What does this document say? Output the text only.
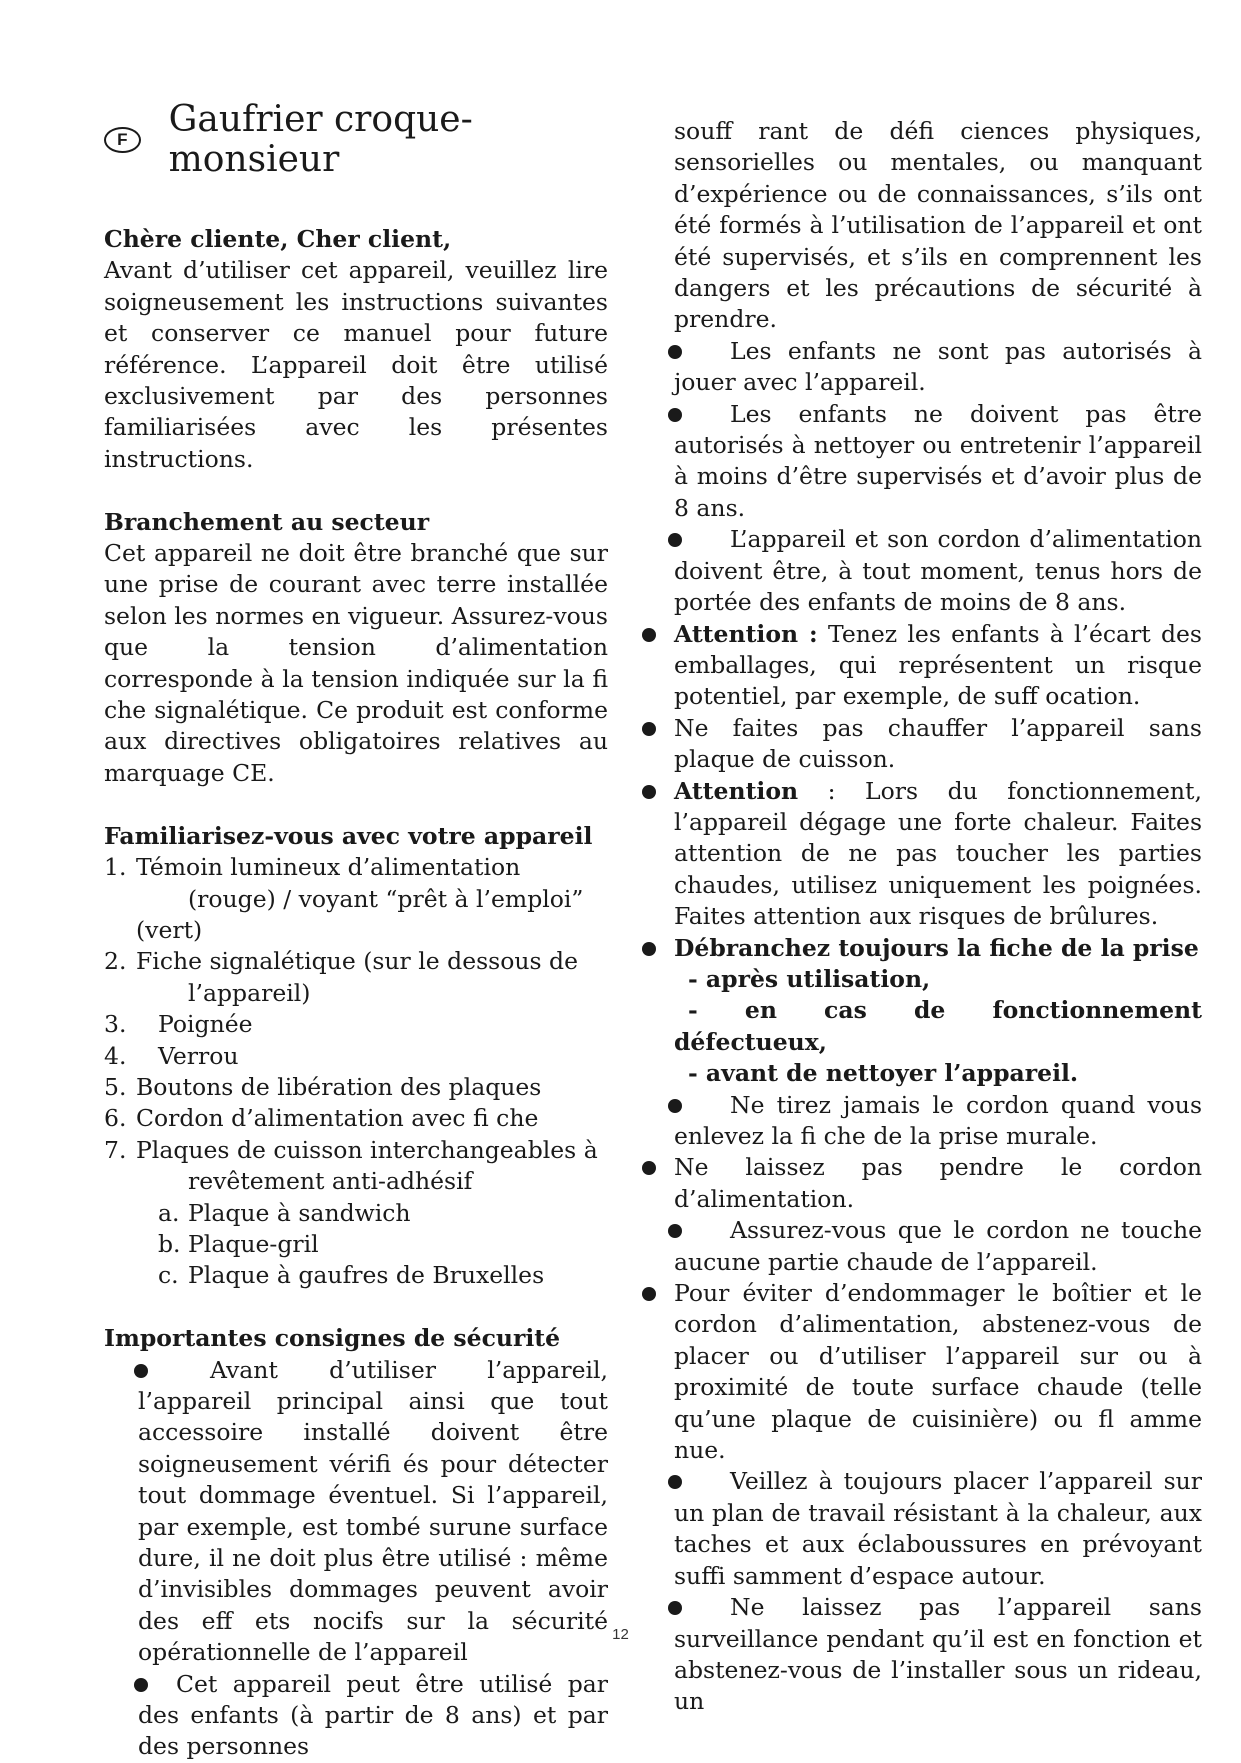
F	Gaufrier croque-monsieur

Chère cliente, Cher client,

Avant d’utiliser cet appareil, veuillez lire soigneusement les instructions suivantes et conserver ce manuel pour future référence. L’appareil doit être utilisé exclusivement par des personnes familiarisées avec les présentes instructions.

Branchement au secteur

Cet appareil ne doit être branché que sur une prise de courant avec terre installée selon les normes en vigueur. Assurez-vous que la tension d’alimentation corresponde à la tension indiquée sur la fi che signalétique. Ce produit est conforme aux directives obligatoires relatives au marquage CE.

Familiarisez-vous avec votre appareil

1. Témoin lumineux d’alimentation
(rouge) / voyant “prêt à l’emploi” (vert)
2. Fiche signalétique (sur le dessous de
l’appareil)
3.	Poignée
4.	Verrou
5. Boutons de libération des plaques
6. Cordon d’alimentation avec fi che
7. Plaques de cuisson interchangeables à
revêtement anti-adhésif
a. Plaque à sandwich
b. Plaque-gril
c. Plaque à gaufres de Bruxelles

Importantes consignes de sécurité

Avant d’utiliser l’appareil, l’appareil principal ainsi que tout accessoire installé doivent être soigneusement vérifi és pour détecter tout dommage éventuel. Si l’appareil, par exemple, est tombé surune surface dure, il ne doit plus être utilisé : même d’invisibles dommages peuvent avoir des eff ets nocifs sur la sécurité opérationnelle de l’appareil
Cet appareil peut être utilisé par des enfants (à partir de 8 ans) et par des personnes

souff rant de défi ciences physiques, sensorielles ou mentales, ou manquant d’expérience ou de connaissances, s’ils ont été formés à l’utilisation de l’appareil et ont été supervisés, et s’ils en comprennent les dangers et les précautions de sécurité à prendre.

Les enfants ne sont pas autorisés à jouer avec l’appareil.
Les enfants ne doivent pas être autorisés à nettoyer ou entretenir l’appareil à moins d’être supervisés et d’avoir plus de 8 ans.
L’appareil et son cordon d’alimentation doivent être, à tout moment, tenus hors de portée des enfants de moins de 8 ans.
Attention : Tenez les enfants à l’écart des emballages, qui représentent un risque potentiel, par exemple, de suff ocation.
Ne faites pas chauffer l’appareil sans plaque de cuisson.
Attention : Lors du fonctionnement, l’appareil dégage une forte chaleur. Faites attention de ne pas toucher les parties chaudes, utilisez uniquement les poignées. Faites attention aux risques de brûlures.
Débranchez toujours la fiche de la prise
- après utilisation,
- en cas de fonctionnement défectueux,
- avant de nettoyer l’appareil.
Ne tirez jamais le cordon quand vous enlevez la fi che de la prise murale.
Ne laissez pas pendre le cordon d’alimentation.
Assurez-vous que le cordon ne touche aucune partie chaude de l’appareil.
Pour éviter d’endommager le boîtier et le cordon d’alimentation, abstenez-vous de placer ou d’utiliser l’appareil sur ou à proximité de toute surface chaude (telle qu’une plaque de cuisinière) ou fl amme nue.
Veillez à toujours placer l’appareil sur un plan de travail résistant à la chaleur, aux taches et aux éclaboussures en prévoyant suffi samment d’espace autour.
Ne laissez pas l’appareil sans surveillance pendant qu’il est en fonction et abstenez-vous de l’installer sous un rideau, un
12
